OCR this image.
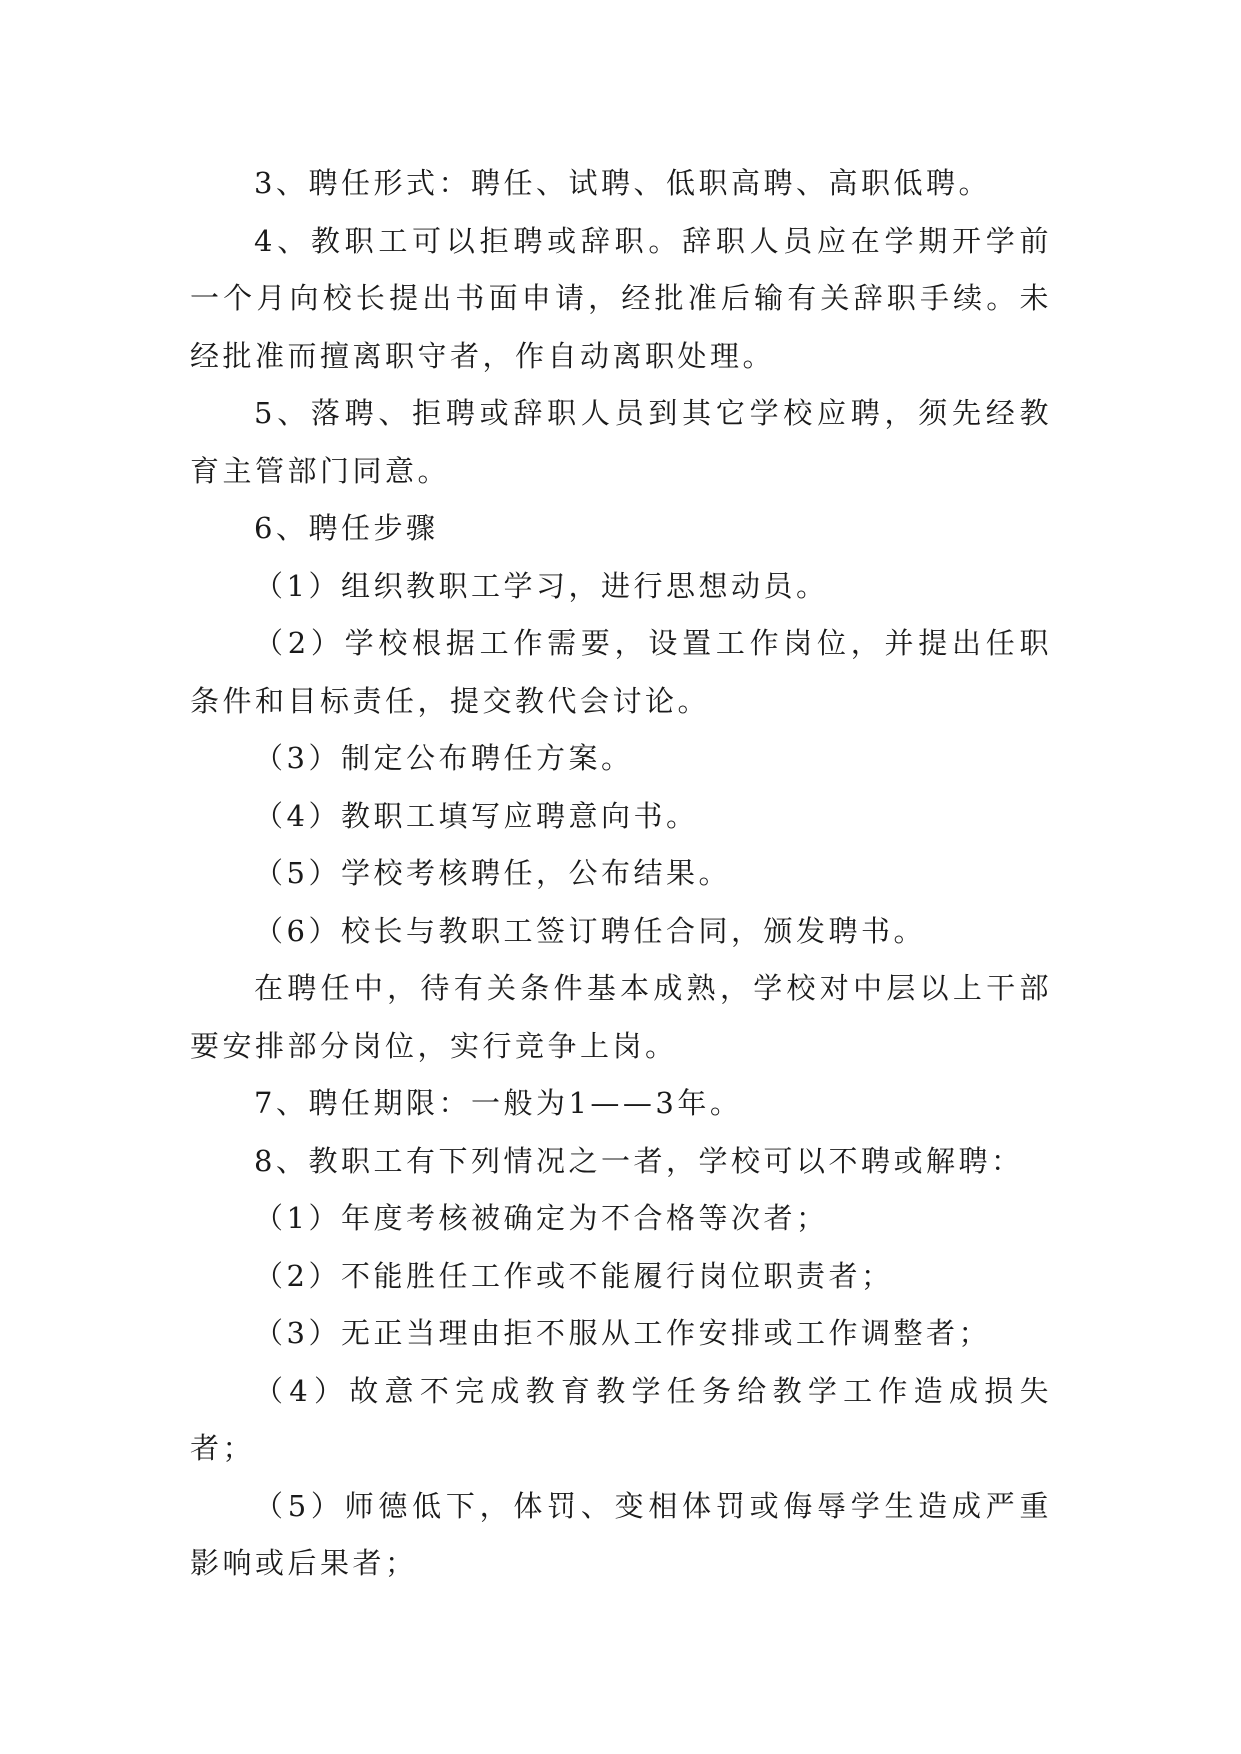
3、聘任形式：聘任、试聘、低职高聘、高职低聘。

4、教职工可以拒聘或辞职。辞职人员应在学期开学前一个月向校长提出书面申请，经批准后输有关辞职手续。未经批准而擅离职守者，作自动离职处理。

5、落聘、拒聘或辞职人员到其它学校应聘，须先经教育主管部门同意。

6、聘任步骤

（1）组织教职工学习，进行思想动员。

（2）学校根据工作需要，设置工作岗位，并提出任职条件和目标责任，提交教代会讨论。

（3）制定公布聘任方案。

（4）教职工填写应聘意向书。

（5）学校考核聘任，公布结果。

（6）校长与教职工签订聘任合同，颁发聘书。

在聘任中，待有关条件基本成熟，学校对中层以上干部要安排部分岗位，实行竞争上岗。

7、聘任期限：一般为1——3年。

8、教职工有下列情况之一者，学校可以不聘或解聘：

（1）年度考核被确定为不合格等次者；

（2）不能胜任工作或不能履行岗位职责者；

（3）无正当理由拒不服从工作安排或工作调整者；

（4）故意不完成教育教学任务给教学工作造成损失者；

（5）师德低下，体罚、变相体罚或侮辱学生造成严重影响或后果者；
